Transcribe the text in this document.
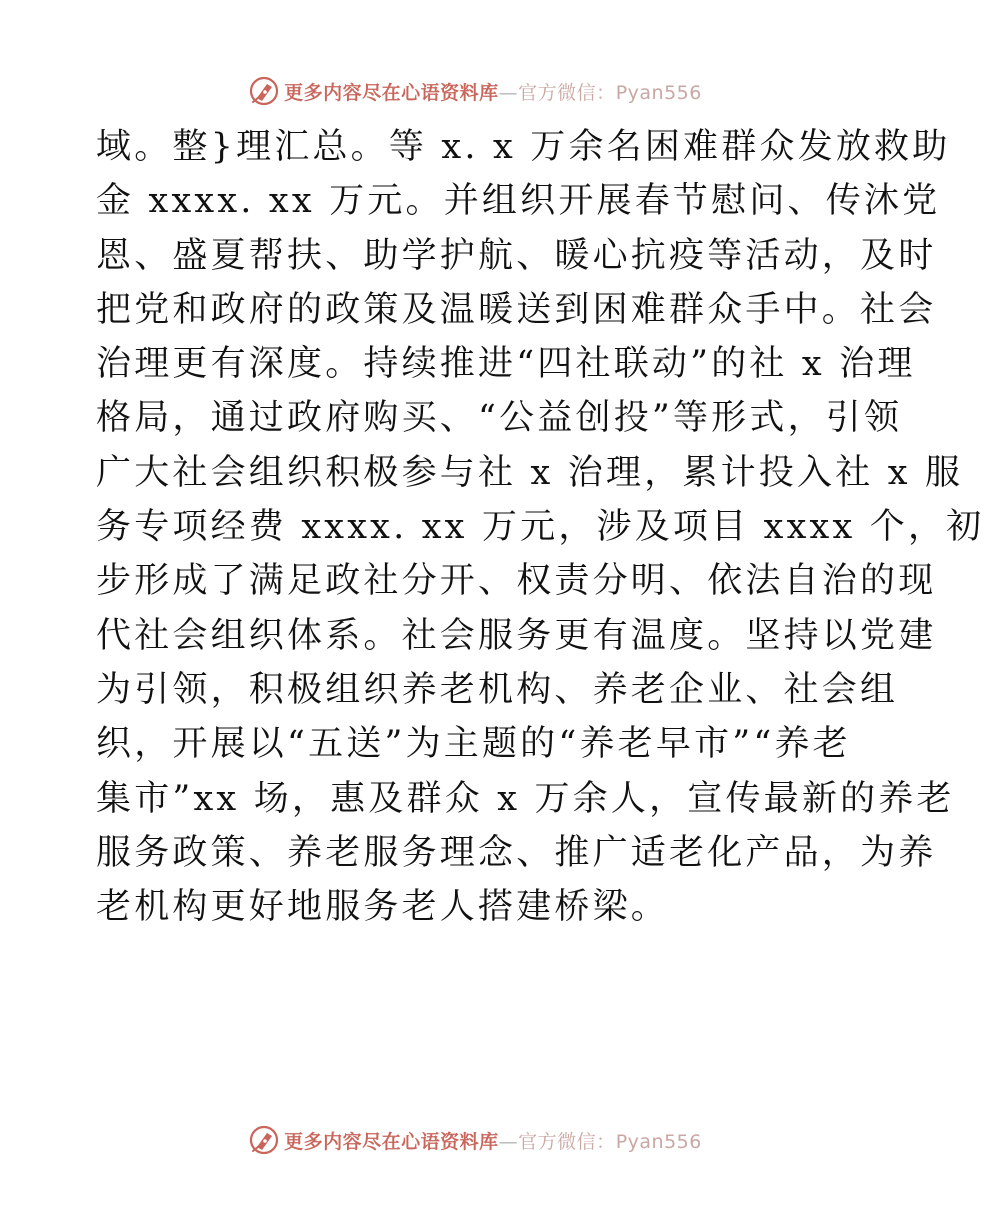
更多内容尽在心语资料库—官方微信：Pyan556
域。整}理汇总。等 x. x 万余名困难群众发放救助
金 xxxx. xx 万元。并组织开展春节慰问、传沐党
恩、盛夏帮扶、助学护航、暖心抗疫等活动，及时
把党和政府的政策及温暖送到困难群众手中。社会
治理更有深度。持续推进“四社联动”的社 x 治理
格局，通过政府购买、“公益创投”等形式，引领
广大社会组织积极参与社 x 治理，累计投入社 x 服
务专项经费 xxxx. xx 万元，涉及项目 xxxx 个，初
步形成了满足政社分开、权责分明、依法自治的现
代社会组织体系。社会服务更有温度。坚持以党建
为引领，积极组织养老机构、养老企业、社会组
织，开展以“五送”为主题的“养老早市”“养老
集市”xx 场，惠及群众 x 万余人，宣传最新的养老
服务政策、养老服务理念、推广适老化产品，为养
老机构更好地服务老人搭建桥梁。
更多内容尽在心语资料库—官方微信：Pyan556
